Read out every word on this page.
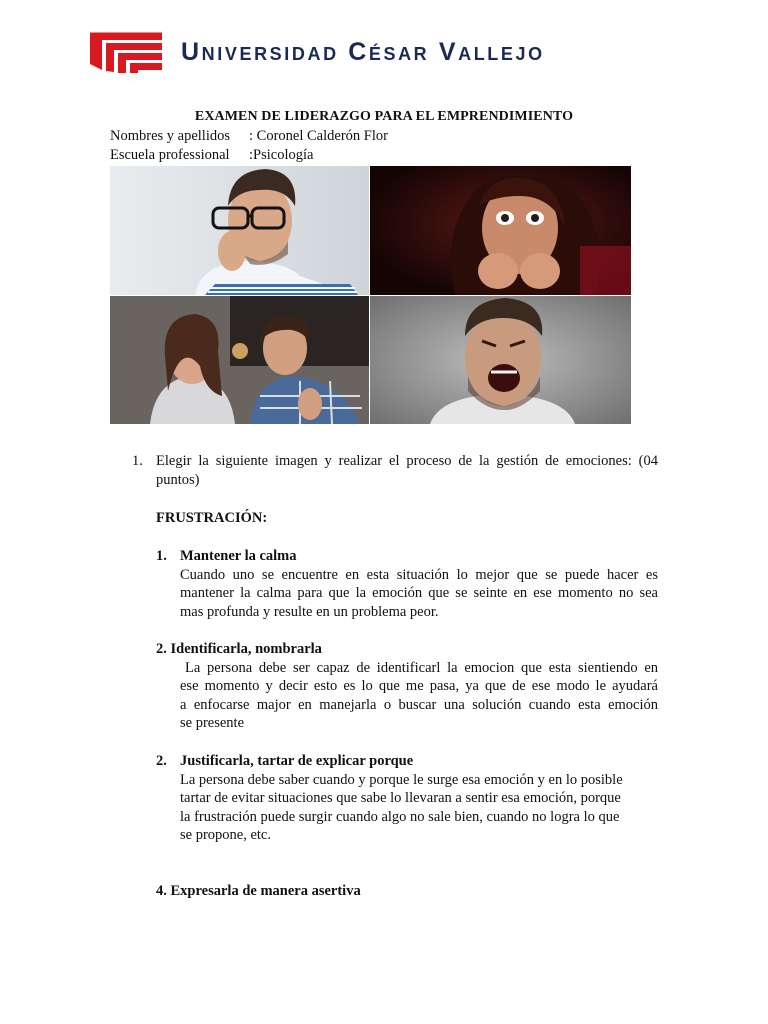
Universidad César Vallejo
EXAMEN DE LIDERAZGO PARA EL EMPRENDIMIENTO
Nombres y apellidos : Coronel Calderón Flor
Escuela professional :Psicología
1. Elegir la siguiente imagen y realizar el proceso de la gestión de emociones: (04
puntos)
FRUSTRACIÓN:
1. Mantener la calma
Cuando uno se encuentre en esta situación lo mejor que se puede hacer es
mantener la calma para que la emoción que se seinte en ese momento no sea
mas profunda y resulte en un problema peor.
2. Identificarla, nombrarla
La persona debe ser capaz de identificarl la emocion que esta sientiendo en
ese momento y decir esto es lo que me pasa, ya que de ese modo le ayudará
a enfocarse major en manejarla o buscar una solución cuando esta emoción
se presente
2. Justificarla, tartar de explicar porque
La persona debe saber cuando y porque le surge esa emoción y en lo posible
tartar de evitar situaciones que sabe lo llevaran a sentir esa emoción, porque
la frustración puede surgir cuando algo no sale bien, cuando no logra lo que
se propone, etc.
4. Expresarla de manera asertiva
